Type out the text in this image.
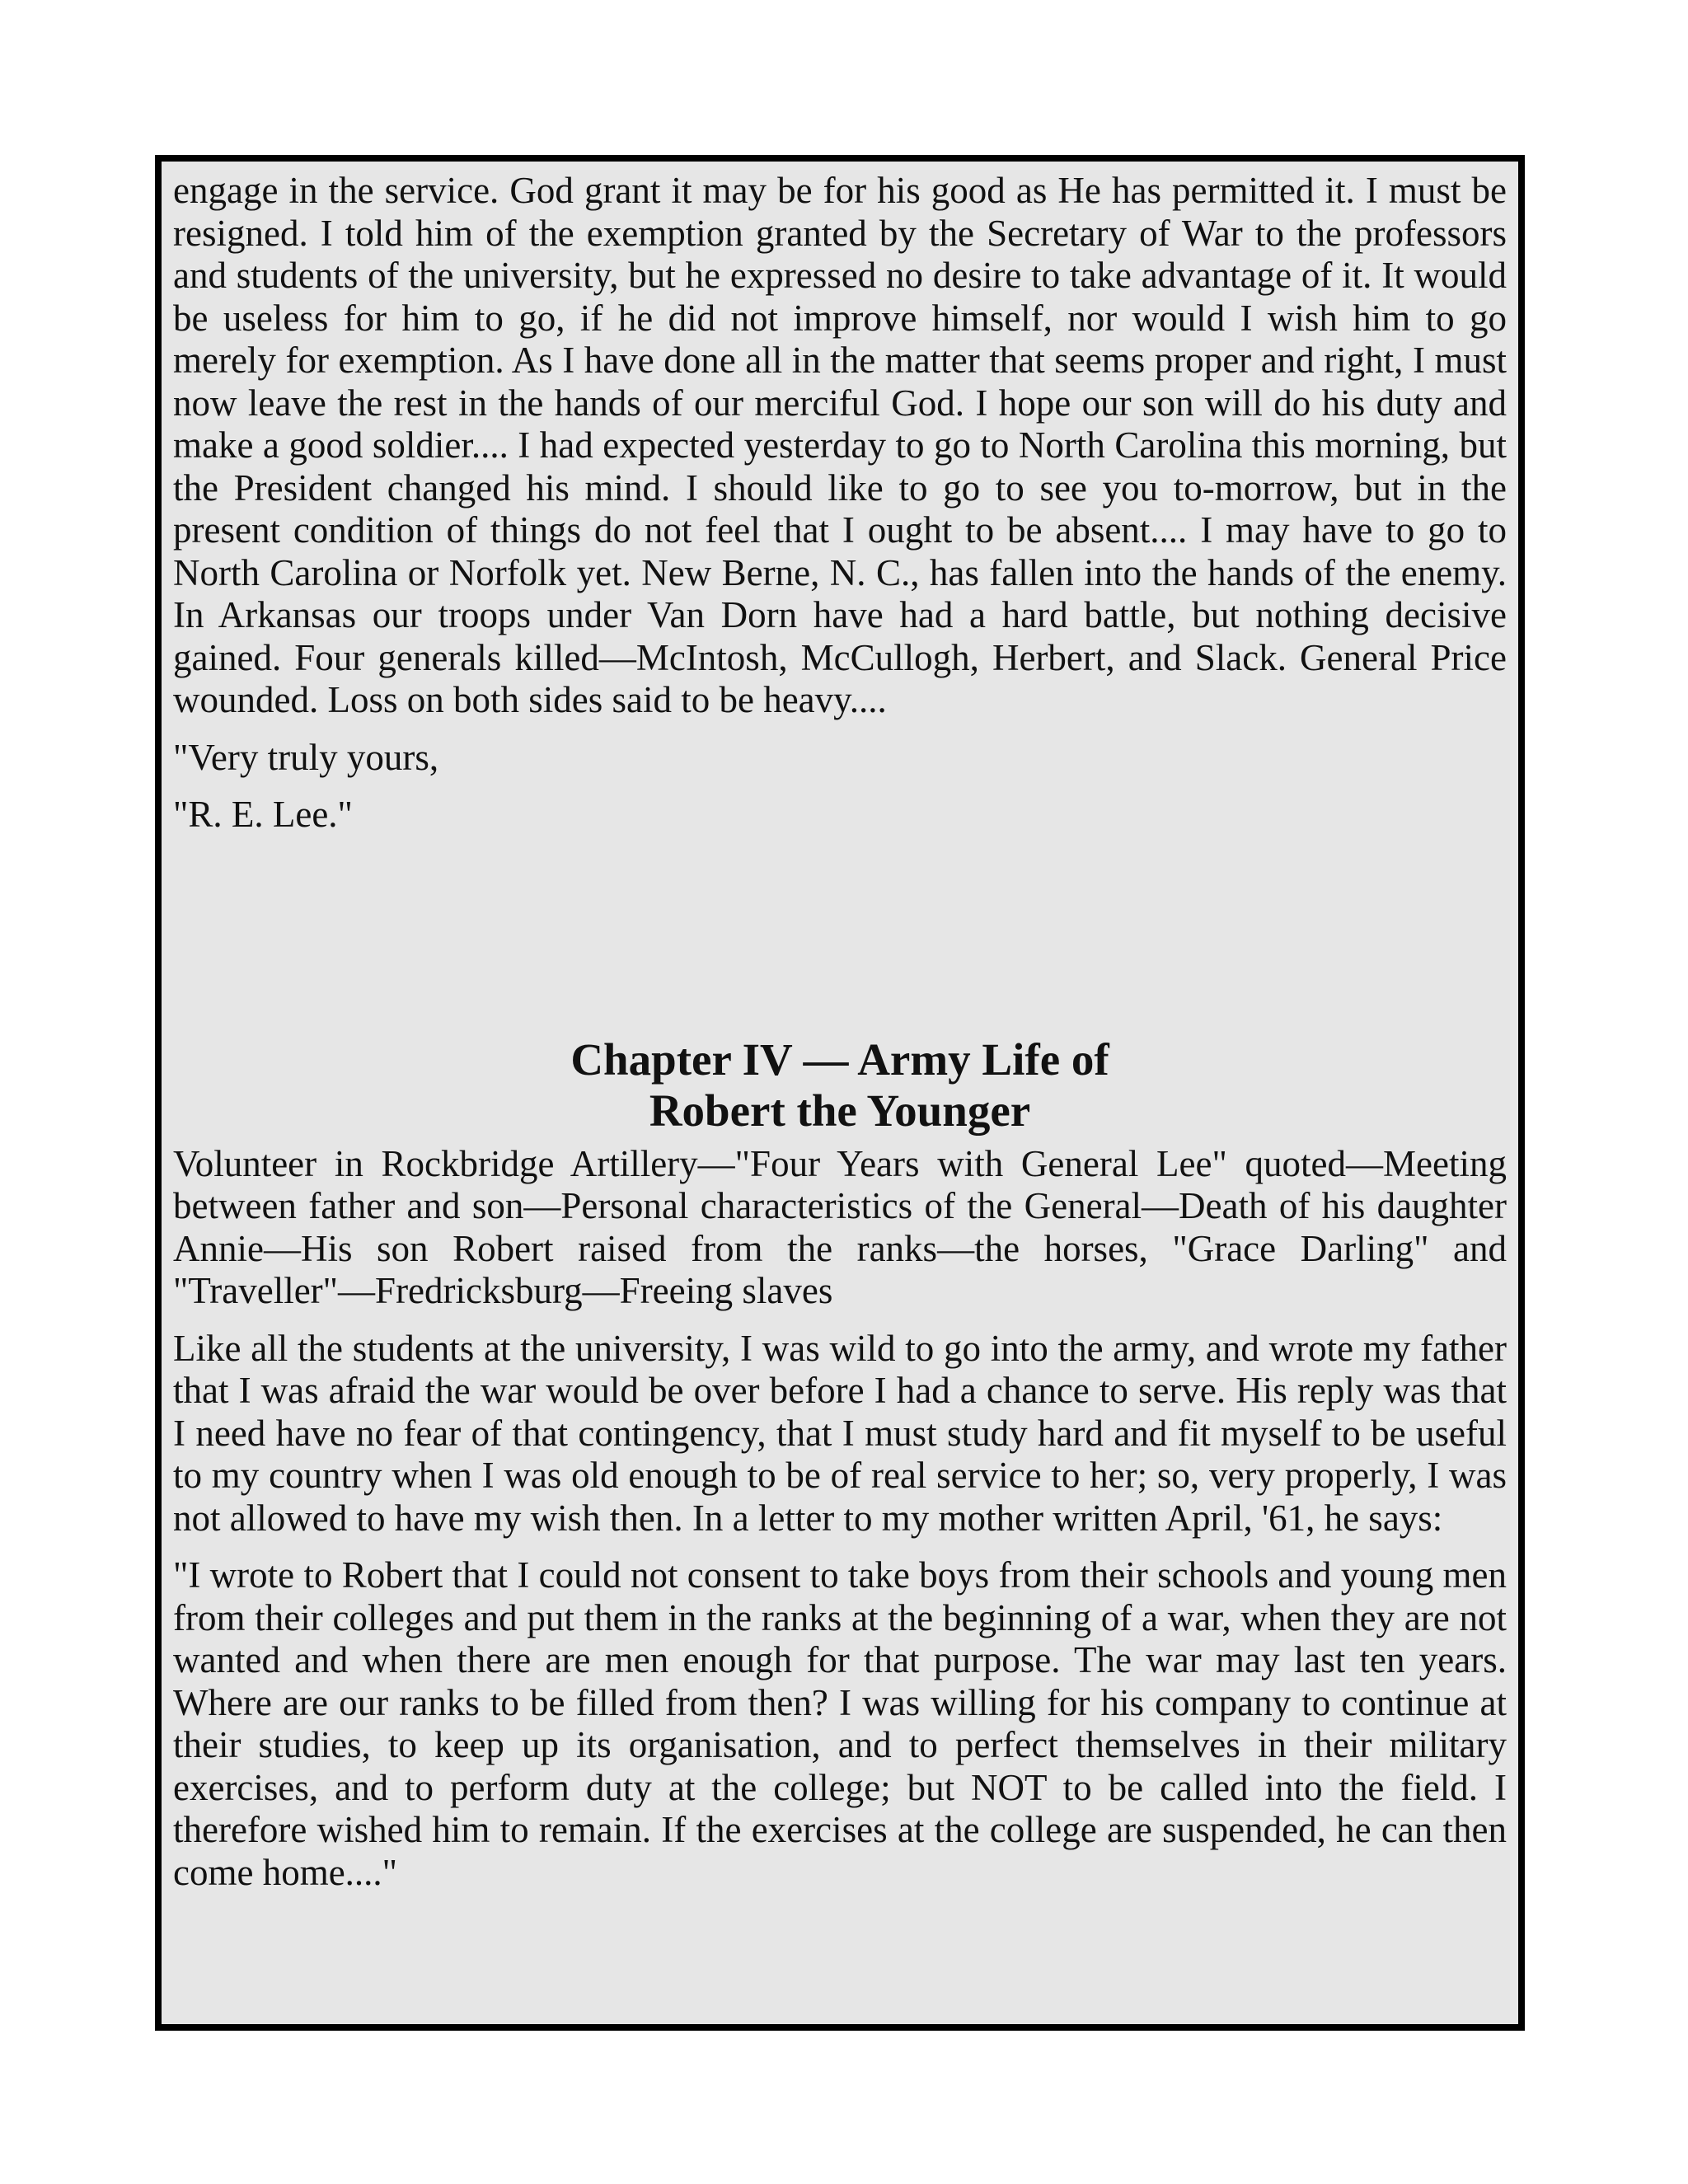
engage in the service. God grant it may be for his good as He has permitted it. I must be resigned. I told him of the exemption granted by the Secretary of War to the professors and students of the university, but he expressed no desire to take advantage of it. It would be useless for him to go, if he did not improve himself, nor would I wish him to go merely for exemption. As I have done all in the matter that seems proper and right, I must now leave the rest in the hands of our merciful God. I hope our son will do his duty and make a good soldier.... I had expected yesterday to go to North Carolina this morning, but the President changed his mind. I should like to go to see you to-morrow, but in the present condition of things do not feel that I ought to be absent.... I may have to go to North Carolina or Norfolk yet. New Berne, N. C., has fallen into the hands of the enemy. In Arkansas our troops under Van Dorn have had a hard battle, but nothing decisive gained. Four generals killed—McIntosh, McCullogh, Herbert, and Slack. General Price wounded. Loss on both sides said to be heavy....

"Very truly yours,

"R. E. Lee."

Chapter IV — Army Life of
Robert the Younger

Volunteer in Rockbridge Artillery—"Four Years with General Lee" quoted—Meeting between father and son—Personal characteristics of the General—Death of his daughter Annie—His son Robert raised from the ranks—the horses, "Grace Darling" and "Traveller"—Fredricksburg—Freeing slaves

Like all the students at the university, I was wild to go into the army, and wrote my father that I was afraid the war would be over before I had a chance to serve. His reply was that I need have no fear of that contingency, that I must study hard and fit myself to be useful to my country when I was old enough to be of real service to her; so, very properly, I was not allowed to have my wish then. In a letter to my mother written April, '61, he says:

"I wrote to Robert that I could not consent to take boys from their schools and young men from their colleges and put them in the ranks at the beginning of a war, when they are not wanted and when there are men enough for that purpose. The war may last ten years. Where are our ranks to be filled from then? I was willing for his company to continue at their studies, to keep up its organisation, and to perfect themselves in their military exercises, and to perform duty at the college; but NOT to be called into the field. I therefore wished him to remain. If the exercises at the college are suspended, he can then come home...."
